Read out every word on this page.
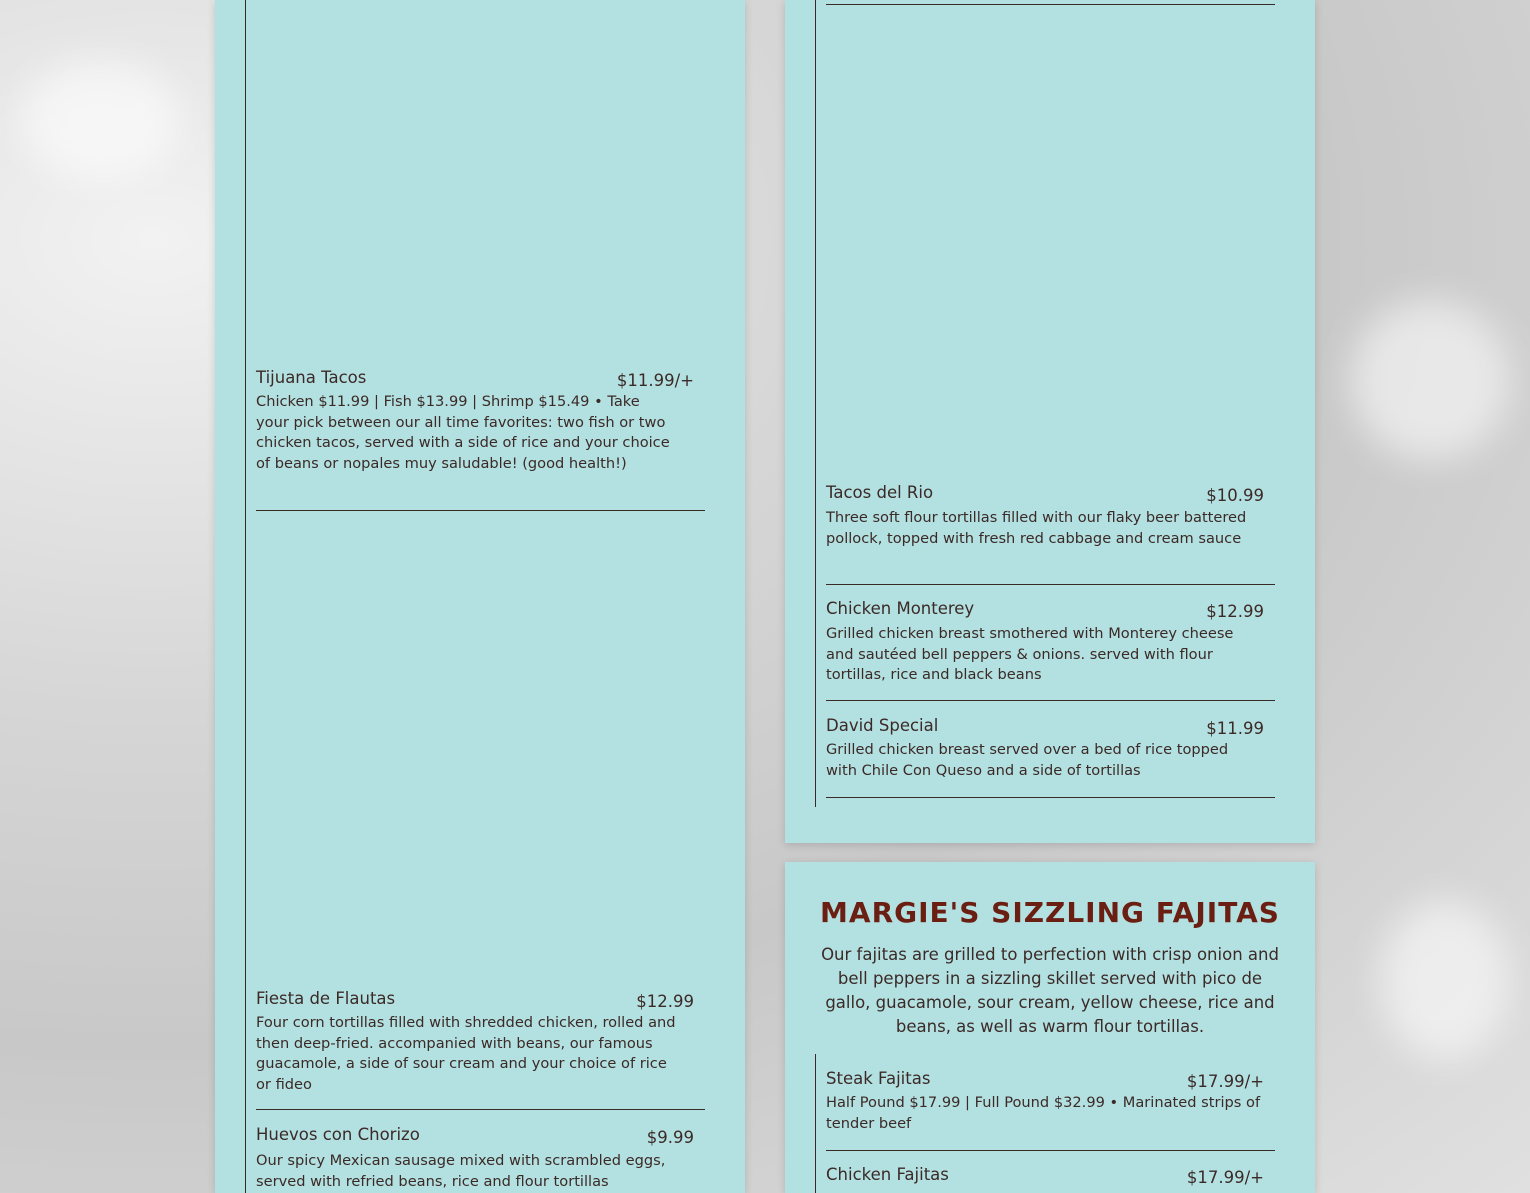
Tijuana Tacos	$11.99/+
Chicken $11.99 | Fish $13.99 | Shrimp $15.49 • Take your pick between our all time favorites: two fish or two chicken tacos, served with a side of rice and your choice of beans or nopales muy saludable! (good health!)
Fiesta de Flautas	$12.99
Four corn tortillas filled with shredded chicken, rolled and then deep-fried. accompanied with beans, our famous guacamole, a side of sour cream and your choice of rice or fideo
Huevos con Chorizo	$9.99
Our spicy Mexican sausage mixed with scrambled eggs, served with refried beans, rice and flour tortillas
Tacos del Rio	$10.99
Three soft flour tortillas filled with our flaky beer battered pollock, topped with fresh red cabbage and cream sauce
Chicken Monterey	$12.99
Grilled chicken breast smothered with Monterey cheese and sautéed bell peppers & onions. served with flour tortillas, rice and black beans
David Special	$11.99
Grilled chicken breast served over a bed of rice topped with Chile Con Queso and a side of tortillas
MARGIE'S SIZZLING FAJITAS
Our fajitas are grilled to perfection with crisp onion and bell peppers in a sizzling skillet served with pico de gallo, guacamole, sour cream, yellow cheese, rice and beans, as well as warm flour tortillas.
Steak Fajitas	$17.99/+
Half Pound $17.99 | Full Pound $32.99 • Marinated strips of tender beef
Chicken Fajitas	$17.99/+
